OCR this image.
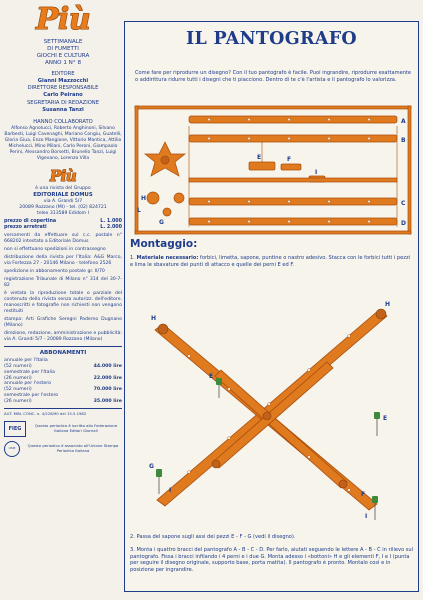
Più
SETTIMANALE
DI FUMETTI
GIOCHI E CULTURA
ANNO 1 N° 8
EDITORE
Gianni Mazzocchi
DIRETTORE RESPONSABILE
Carlo Peirano
SEGRETARIA DI REDAZIONE
Susanna Tanzi
HANNO COLLABORATO
Alfonso Agnolucci, Roberto Anghinoni, Silvano Barbesti, Luigi Cavenaghi, Mariano Congiu, Guatelli, Gloria Giua, Enzo Mangione, Vittorio Mantica, Attilio Michelucci, Mino Milani, Carlo Peroni, Giampaolo Perini, Alessandro Borsetti, Brunello Tanzi, Luigi Vigevano, Lorenzo Villa
Più
è una rivista del Gruppo
EDITORIALE DOMUS
via A. Grandi 5/7
20089 Rozzano (MI) - tel. (02) 824721
telex 313589 Edidom I
prezzo di copertina	L. 1.000
prezzo arretrati	L. 2.000
versamenti da effettuare sul c.c. postale n° 668202 intestato a Editoriale Domus
non si effettuano spedizioni in contrassegno
distribuzione della rivista per l'Italia: A&G Marco, via Fortezza 27 - 20146 Milano - telefono 2526
spedizione in abbonamento postale gr. II/70
registrazione Tribunale di Milano n° 314 del 30-7-82
è vietata la riproduzione totale o parziale del contenuto della rivista senza autorizz. dell'editore. manoscritti e fotografie non richiesti non vengono restituiti
stampa: Arti Grafiche Seregni Paderno Dugnano (Milano)
direzione, redazione, amministrazione e pubblicità: via A. Grandi 5/7 - 20089 Rozzano (Milano)
ABBONAMENTI
annuale per l'Italia
(52 numeri)	44.000 lire
semestrale per l'Italia
(26 numeri)	22.000 lire
annuale per l'estero
(52 numeri)	70.000 lire
semestrale per l'estero
(26 numeri)	35.000 lire
AUT. MIN. CONC. n. 4/228/90 del 15.5.1982
FIEG	Questo periodico è iscritto alla Federazione Italiana Editori Giornali
USPI	Questo periodico è associato all'Unione Stampa Periodica Italiana
IL PANTOGRAFO
Come fare per riprodurre un disegno? Con il tuo pantografo è facile. Puoi ingrandire, riprodurre esattamente o addirittura ridurre tutti i disegni che ti piacciono. Dentro di te c'è l'artista e il pantografo lo valorizza.
A
B
C
D
E	F
G
H
I
L
Montaggio:
1. Materiale necessario: forbici, limetta, sapone, puntine o nastro adesivo. Stacca con le forbici tutti i pezzi e lima le sbavature dei punti di attacco e quelle dei perni E ed F.
H
H
G
F
E
E
I
I
2. Passa del sapone sugli assi dei pezzi E - F - G (vedi il disegno).
3. Monta i quattro bracci del pantografo A - B - C - D. Per farlo, aiutati seguendo le lettere A - B - C in rilievo sul pantografo. Fissa i bracci infilando i 4 perni e i due G. Monta adesso i «bottoni» H e gli elementi F, I e I (punta per seguire il disegno originale, supporto base, porta matita). Il pantografo è pronto. Montalo così e in posizione per ingrandire.
